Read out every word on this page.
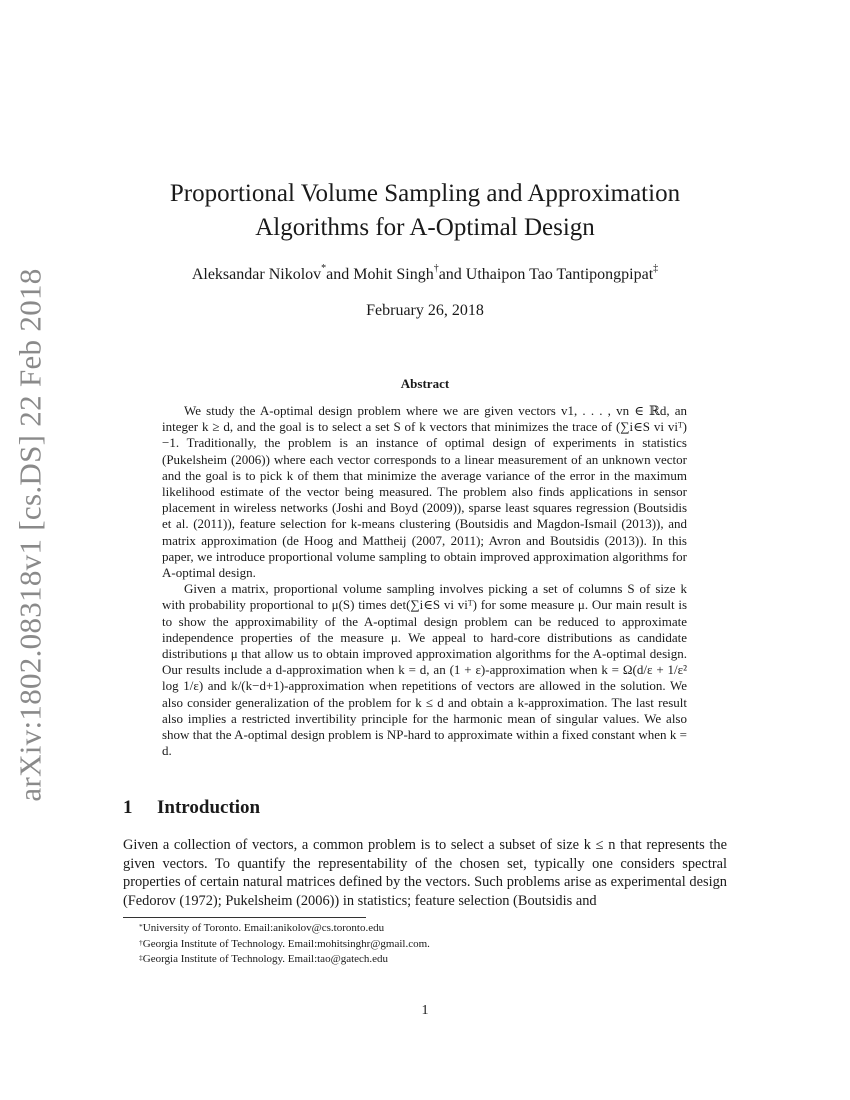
arXiv:1802.08318v1 [cs.DS] 22 Feb 2018
Proportional Volume Sampling and Approximation
Algorithms for A-Optimal Design
Aleksandar Nikolov*and Mohit Singh†and Uthaipon Tao Tantipongpipat‡
February 26, 2018
Abstract

We study the A-optimal design problem where we are given vectors v1, . . . , vn ∈ ℝd, an integer k ≥ d, and the goal is to select a set S of k vectors that minimizes the trace of (∑i∈S vi viᵀ)−1. Traditionally, the problem is an instance of optimal design of experiments in statistics (Pukelsheim (2006)) where each vector corresponds to a linear measurement of an unknown vector and the goal is to pick k of them that minimize the average variance of the error in the maximum likelihood estimate of the vector being measured. The problem also finds applications in sensor placement in wireless networks (Joshi and Boyd (2009)), sparse least squares regression (Boutsidis et al. (2011)), feature selection for k-means clustering (Boutsidis and Magdon-Ismail (2013)), and matrix approximation (de Hoog and Mattheij (2007, 2011); Avron and Boutsidis (2013)). In this paper, we introduce proportional volume sampling to obtain improved approximation algorithms for A-optimal design.

Given a matrix, proportional volume sampling involves picking a set of columns S of size k with probability proportional to μ(S) times det(∑i∈S vi viᵀ) for some measure μ. Our main result is to show the approximability of the A-optimal design problem can be reduced to approximate independence properties of the measure μ. We appeal to hard-core distributions as candidate distributions μ that allow us to obtain improved approximation algorithms for the A-optimal design. Our results include a d-approximation when k = d, an (1 + ε)-approximation when k = Ω(d/ε + 1/ε² log 1/ε) and k/(k−d+1)-approximation when repetitions of vectors are allowed in the solution. We also consider generalization of the problem for k ≤ d and obtain a k-approximation. The last result also implies a restricted invertibility principle for the harmonic mean of singular values. We also show that the A-optimal design problem is NP-hard to approximate within a fixed constant when k = d.

1 Introduction

Given a collection of vectors, a common problem is to select a subset of size k ≤ n that represents the given vectors. To quantify the representability of the chosen set, typically one considers spectral properties of certain natural matrices defined by the vectors. Such problems arise as experimental design (Fedorov (1972); Pukelsheim (2006)) in statistics; feature selection (Boutsidis and

*University of Toronto. Email:anikolov@cs.toronto.edu
†Georgia Institute of Technology. Email:mohitsinghr@gmail.com.
‡Georgia Institute of Technology. Email:tao@gatech.edu
1
